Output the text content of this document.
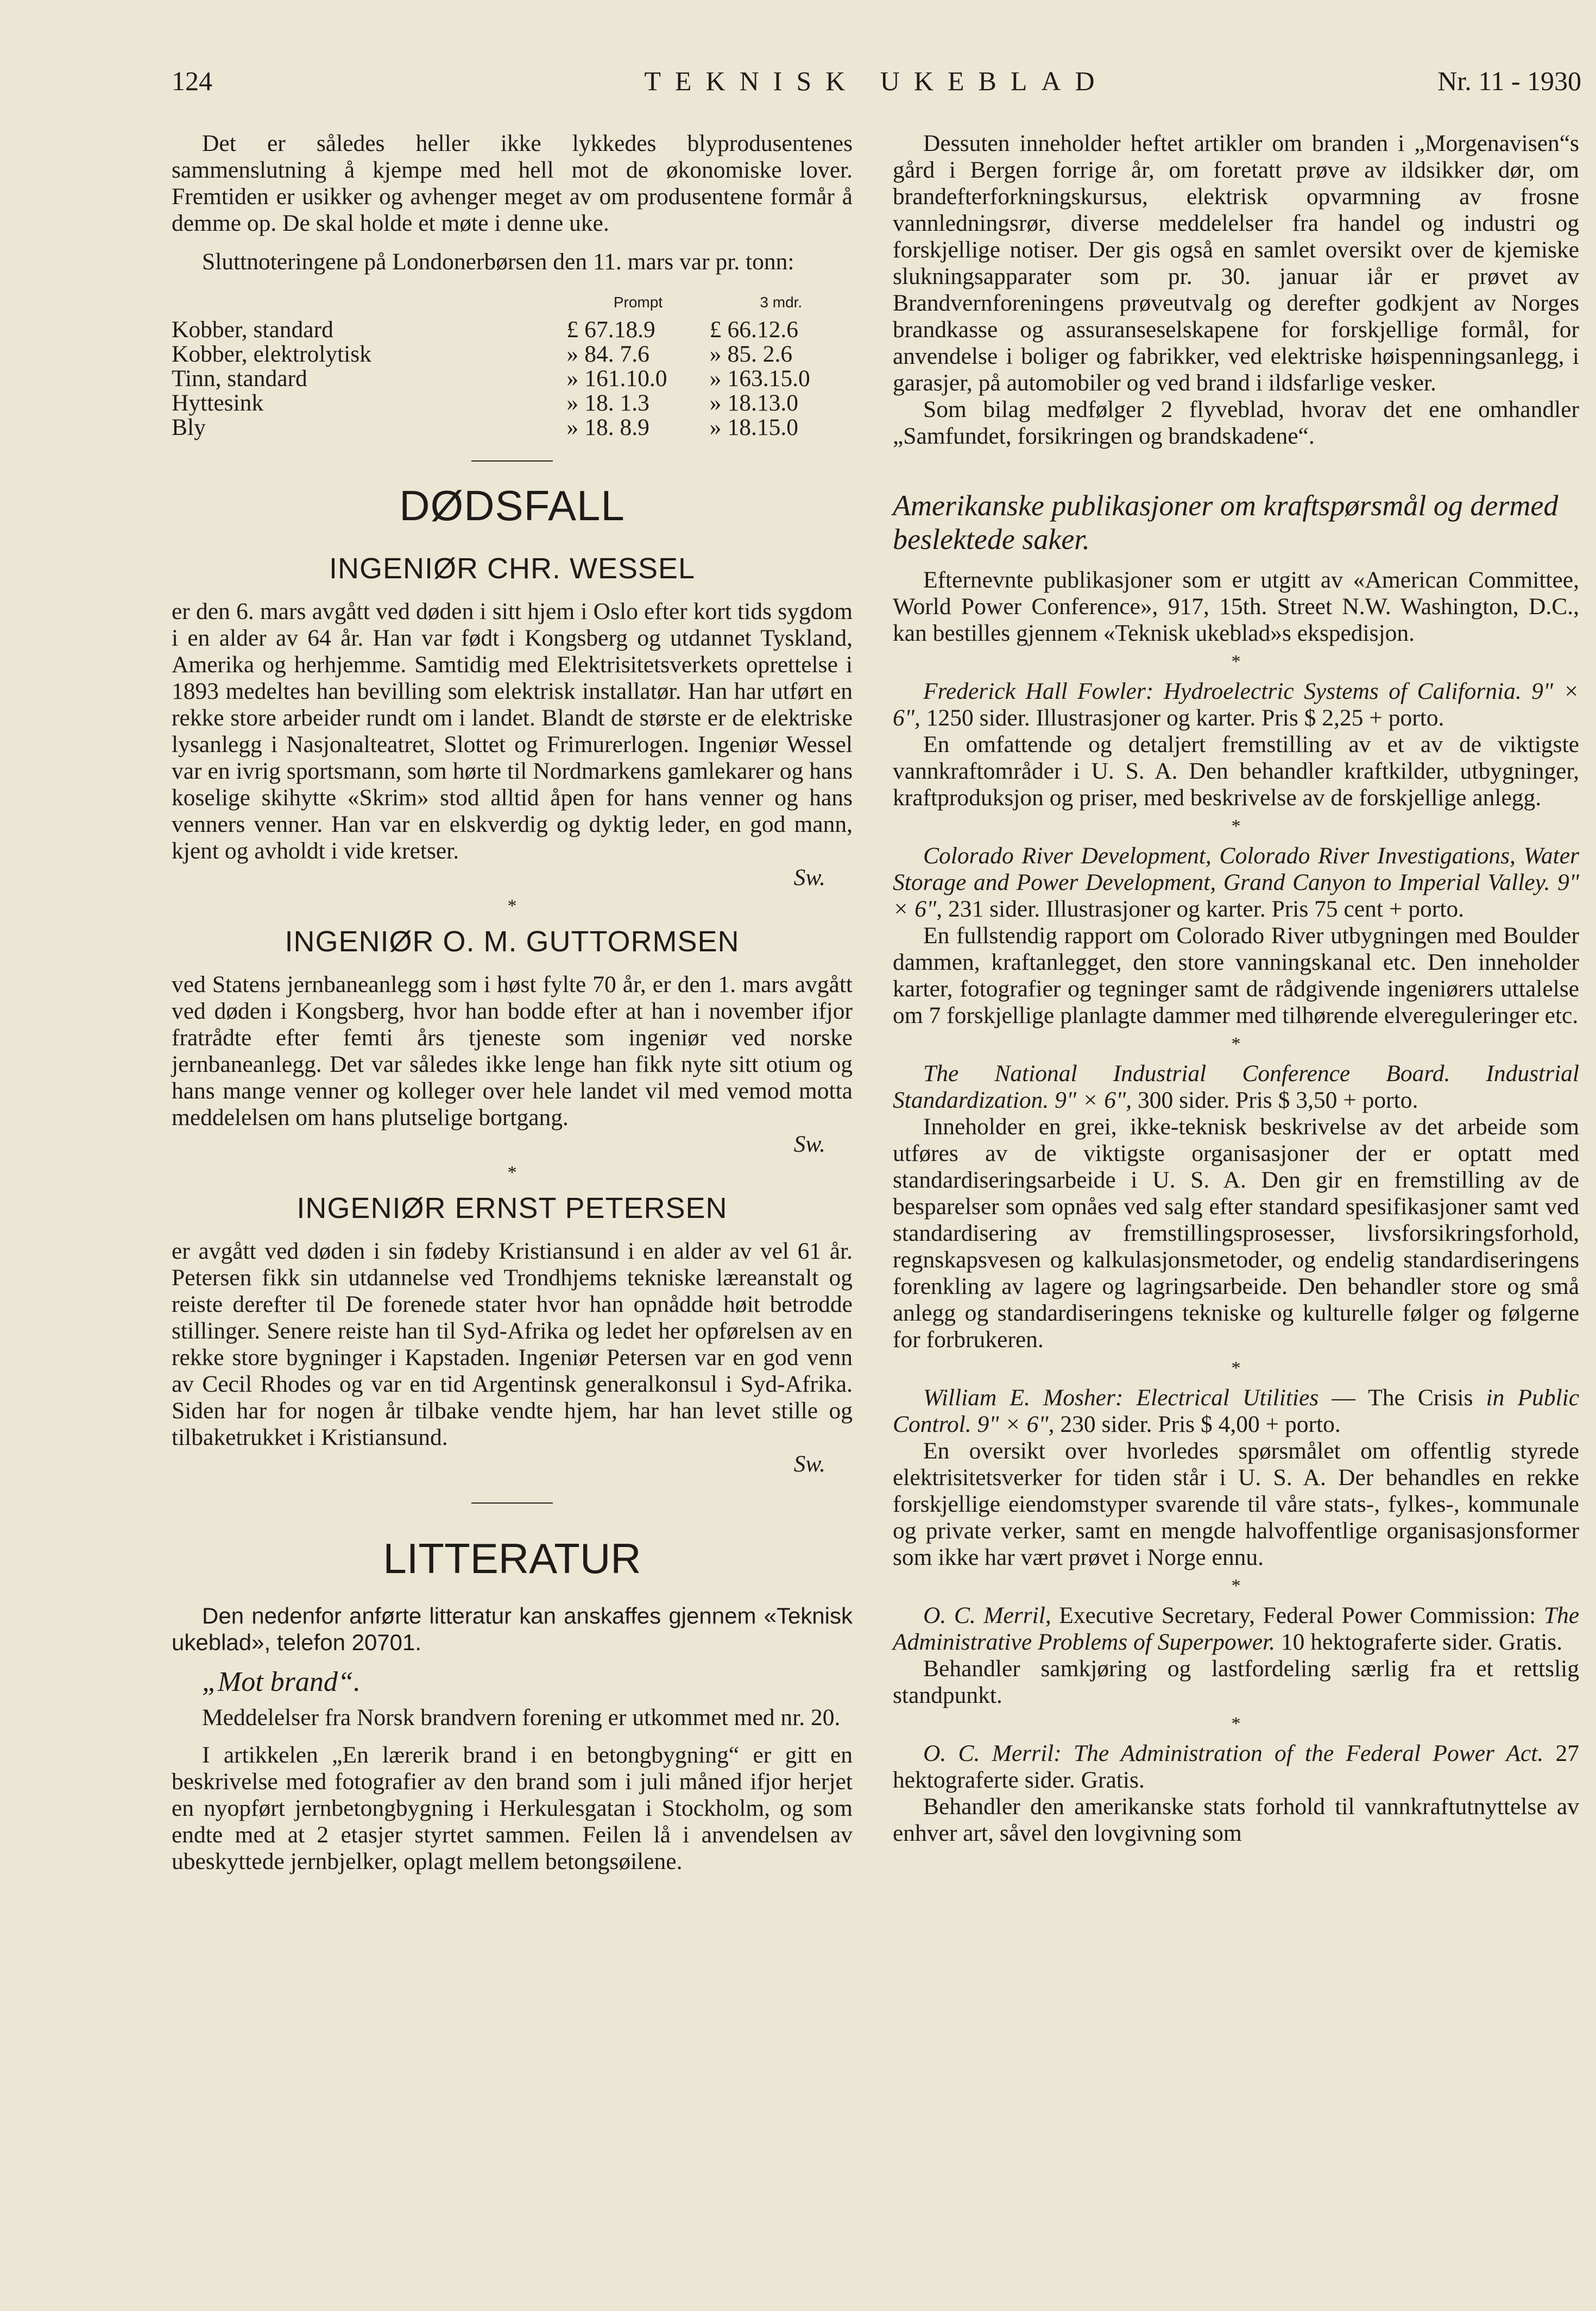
124	TEKNISK UKEBLAD	Nr. 11 - 1930

Det er således heller ikke lykkedes blyprodusentenes sammenslutning å kjempe med hell mot de økonomiske lover. Fremtiden er usikker og avhenger meget av om produsentene formår å demme op. De skal holde et møte i denne uke.

Sluttnoteringene på Londonerbørsen den 11. mars var pr. tonn:

	Prompt		3 mdr.	
Kobber, standard	£	67.18.9	£	66.12.6
Kobber, elektrolytisk	»	84. 7.6	»	85. 2.6
Tinn, standard	»	161.10.0	»	163.15.0
Hyttesink	»	18. 1.3	»	18.13.0
Bly	»	18. 8.9	»	18.15.0
DØDSFALL
INGENIØR CHR. WESSEL

er den 6. mars avgått ved døden i sitt hjem i Oslo efter kort tids sygdom i en alder av 64 år. Han var født i Kongsberg og utdannet Tyskland, Amerika og herhjemme. Samtidig med Elektrisitetsverkets oprettelse i 1893 medeltes han bevilling som elektrisk installatør. Han har utført en rekke store arbeider rundt om i landet. Blandt de største er de elektriske lysanlegg i Nasjonalteatret, Slottet og Frimurerlogen. Ingeniør Wessel var en ivrig sportsmann, som hørte til Nordmarkens gamlekarer og hans koselige skihytte «Skrim» stod alltid åpen for hans venner og hans venners venner. Han var en elskverdig og dyktig leder, en god mann, kjent og avholdt i vide kretser.

Sw.

*
INGENIØR O. M. GUTTORMSEN

ved Statens jernbaneanlegg som i høst fylte 70 år, er den 1. mars avgått ved døden i Kongsberg, hvor han bodde efter at han i november ifjor fratrådte efter femti års tjeneste som ingeniør ved norske jernbaneanlegg. Det var således ikke lenge han fikk nyte sitt otium og hans mange venner og kolleger over hele landet vil med vemod motta meddelelsen om hans plutselige bortgang.

Sw.

*
INGENIØR ERNST PETERSEN

er avgått ved døden i sin fødeby Kristiansund i en alder av vel 61 år. Petersen fikk sin utdannelse ved Trondhjems tekniske læreanstalt og reiste derefter til De forenede stater hvor han opnådde høit betrodde stillinger. Senere reiste han til Syd-Afrika og ledet her opførelsen av en rekke store bygninger i Kapstaden. Ingeniør Petersen var en god venn av Cecil Rhodes og var en tid Argentinsk generalkonsul i Syd-Afrika. Siden har for nogen år tilbake vendte hjem, har han levet stille og tilbaketrukket i Kristiansund.

Sw.

LITTERATUR

Den nedenfor anførte litteratur kan anskaffes gjennem «Teknisk ukeblad», telefon 20701.

„Mot brand“.

Meddelelser fra Norsk brandvern forening er utkommet med nr. 20.

I artikkelen „En lærerik brand i en betongbygning“ er gitt en beskrivelse med fotografier av den brand som i juli måned ifjor herjet en nyopført jernbetongbygning i Herkulesgatan i Stockholm, og som endte med at 2 etasjer styrtet sammen. Feilen lå i anvendelsen av ubeskyttede jernbjelker, oplagt mellem betongsøilene.

Dessuten inneholder heftet artikler om branden i „Morgenavisen“s gård i Bergen forrige år, om foretatt prøve av ildsikker dør, om brandefterforkningskursus, elektrisk opvarmning av frosne vannledningsrør, diverse meddelelser fra handel og industri og forskjellige notiser. Der gis også en samlet oversikt over de kjemiske slukningsapparater som pr. 30. januar iår er prøvet av Brandvernforeningens prøveutvalg og derefter godkjent av Norges brandkasse og assuranseselskapene for forskjellige formål, for anvendelse i boliger og fabrikker, ved elektriske høispenningsanlegg, i garasjer, på automobiler og ved brand i ildsfarlige vesker.

Som bilag medfølger 2 flyveblad, hvorav det ene omhandler „Samfundet, forsikringen og brandskadene“.

Amerikanske publikasjoner om kraftspørsmål og dermed beslektede saker.

Efternevnte publikasjoner som er utgitt av «American Committee, World Power Conference», 917, 15th. Street N.W. Washington, D.C., kan bestilles gjennem «Teknisk ukeblad»s ekspedisjon.

*

Frederick Hall Fowler: Hydroelectric Systems of California. 9" × 6", 1250 sider. Illustrasjoner og karter. Pris $ 2,25 + porto.

En omfattende og detaljert fremstilling av et av de viktigste vannkraftområder i U. S. A. Den behandler kraftkilder, utbygninger, kraftproduksjon og priser, med beskrivelse av de forskjellige anlegg.

*

Colorado River Development, Colorado River Investigations, Water Storage and Power Development, Grand Canyon to Imperial Valley. 9" × 6", 231 sider. Illustrasjoner og karter. Pris 75 cent + porto.

En fullstendig rapport om Colorado River utbygningen med Boulder dammen, kraftanlegget, den store vanningskanal etc. Den inneholder karter, fotografier og tegninger samt de rådgivende ingeniørers uttalelse om 7 forskjellige planlagte dammer med tilhørende elvereguleringer etc.

*

The National Industrial Conference Board. Industrial Standardization. 9" × 6", 300 sider. Pris $ 3,50 + porto.

Inneholder en grei, ikke-teknisk beskrivelse av det arbeide som utføres av de viktigste organisasjoner der er optatt med standardiseringsarbeide i U. S. A. Den gir en fremstilling av de besparelser som opnåes ved salg efter standard spesifikasjoner samt ved standardisering av fremstillingsprosesser, livsforsikringsforhold, regnskapsvesen og kalkulasjonsmetoder, og endelig standardiseringens forenkling av lagere og lagringsarbeide. Den behandler store og små anlegg og standardiseringens tekniske og kulturelle følger og følgerne for forbrukeren.

*

William E. Mosher: Electrical Utilities — The Crisis in Public Control. 9" × 6", 230 sider. Pris $ 4,00 + porto.

En oversikt over hvorledes spørsmålet om offentlig styrede elektrisitetsverker for tiden står i U. S. A. Der behandles en rekke forskjellige eiendomstyper svarende til våre stats-, fylkes-, kommunale og private verker, samt en mengde halvoffentlige organisasjonsformer som ikke har vært prøvet i Norge ennu.

*

O. C. Merril, Executive Secretary, Federal Power Commission: The Administrative Problems of Superpower. 10 hektograferte sider. Gratis.

Behandler samkjøring og lastfordeling særlig fra et rettslig standpunkt.

*

O. C. Merril: The Administration of the Federal Power Act. 27 hektograferte sider. Gratis.

Behandler den amerikanske stats forhold til vannkraftutnyttelse av enhver art, såvel den lovgivning som
